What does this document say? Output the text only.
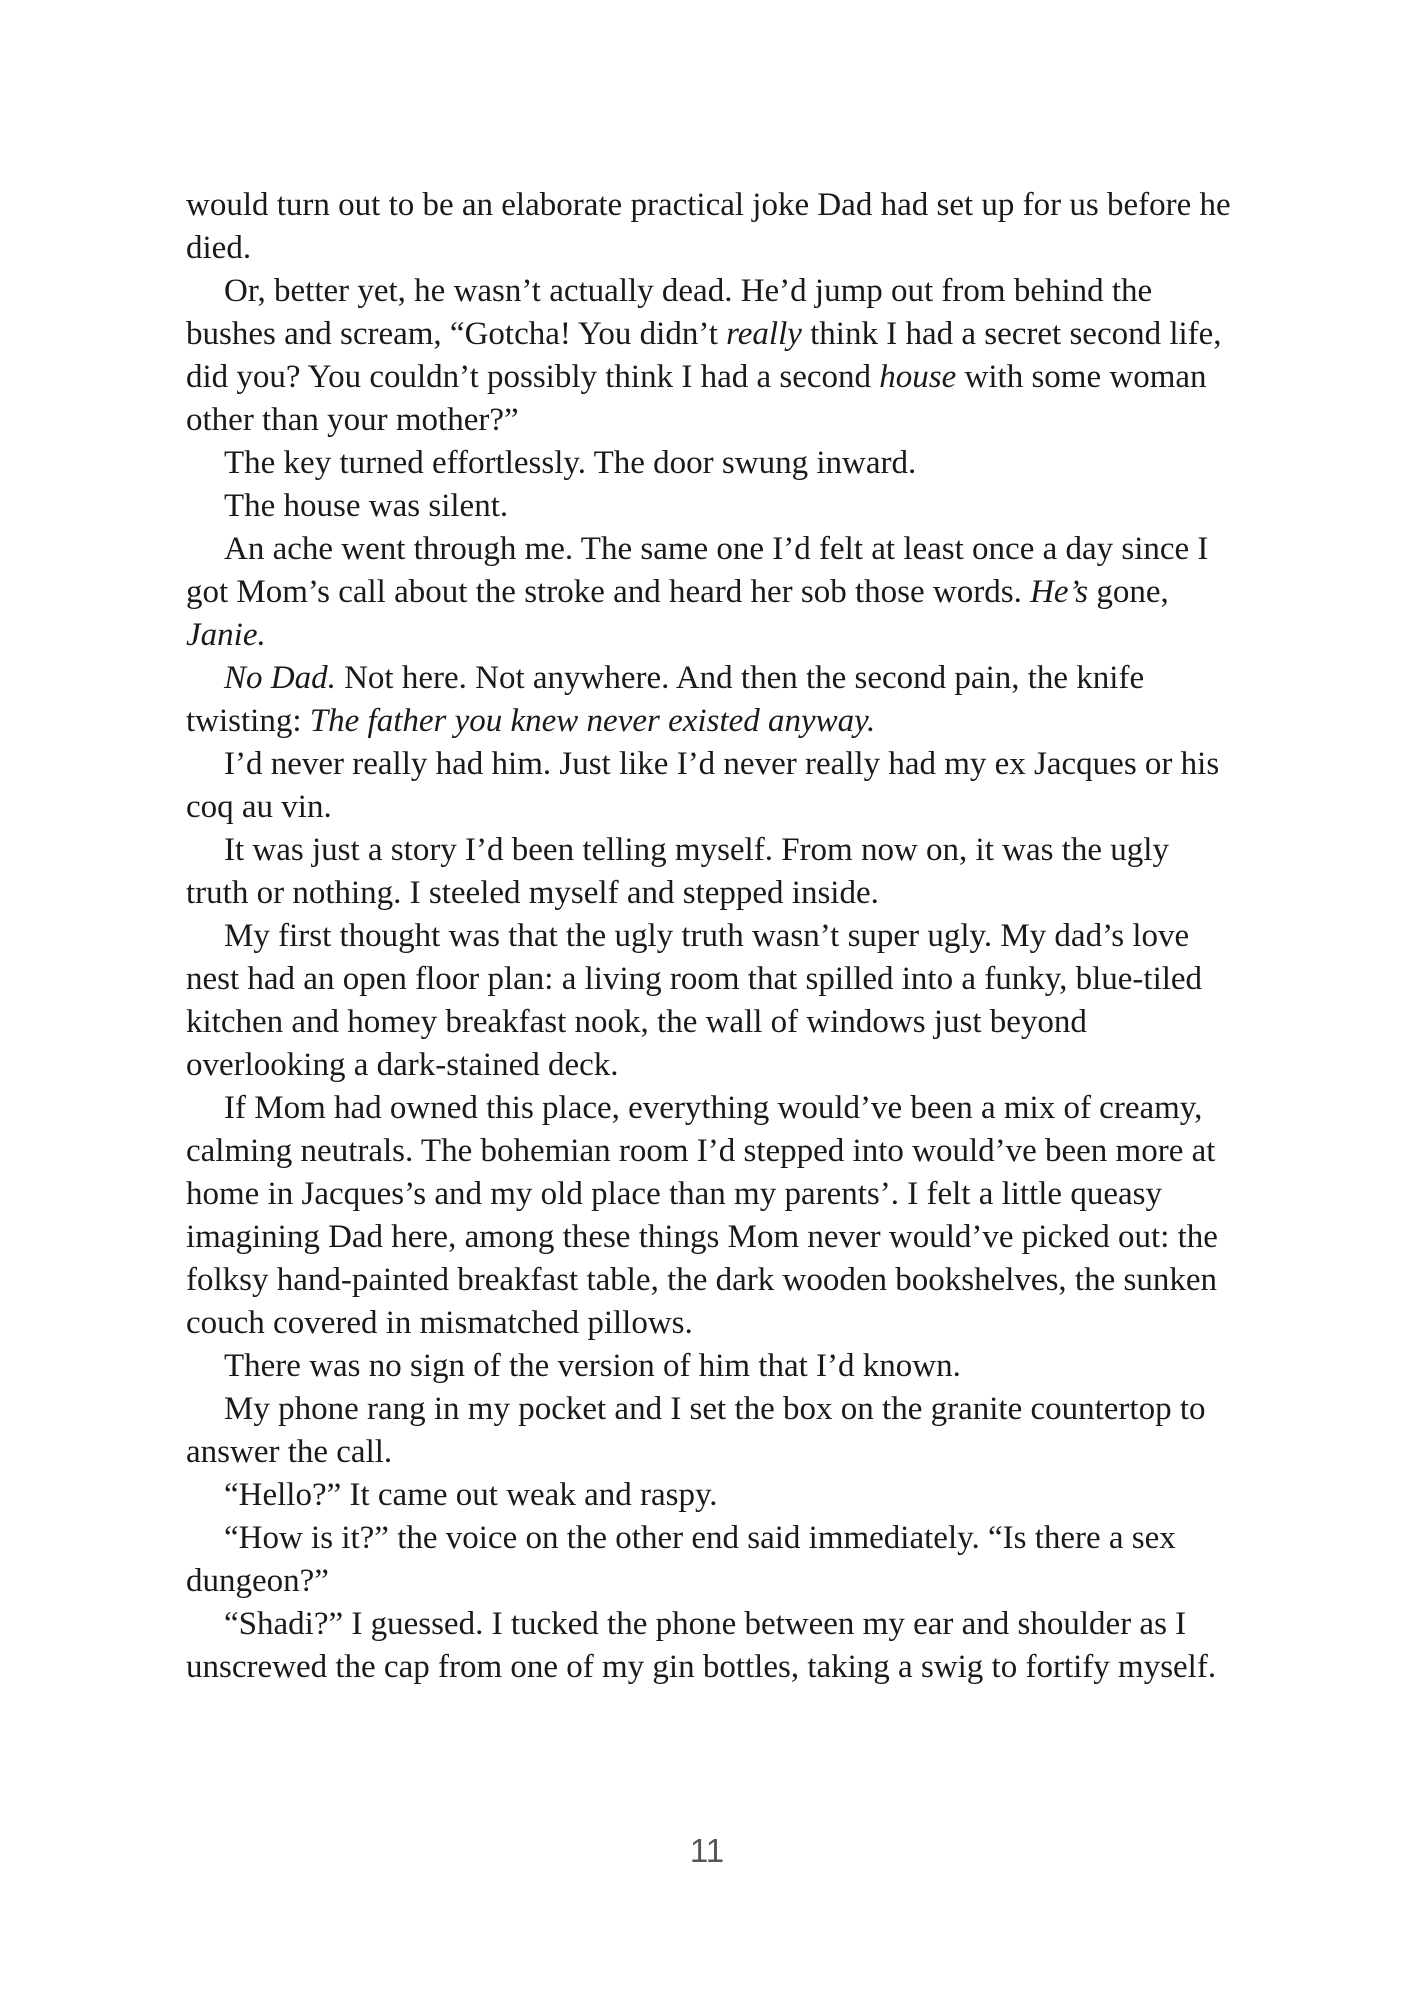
would turn out to be an elaborate practical joke Dad had set up for us before he died.

Or, better yet, he wasn’t actually dead. He’d jump out from behind the bushes and scream, “Gotcha! You didn’t really think I had a secret second life, did you? You couldn’t possibly think I had a second house with some woman other than your mother?”

The key turned effortlessly. The door swung inward.

The house was silent.

An ache went through me. The same one I’d felt at least once a day since I got Mom’s call about the stroke and heard her sob those words. He’s gone, Janie.

No Dad. Not here. Not anywhere. And then the second pain, the knife twisting: The father you knew never existed anyway.

I’d never really had him. Just like I’d never really had my ex Jacques or his coq au vin.

It was just a story I’d been telling myself. From now on, it was the ugly truth or nothing. I steeled myself and stepped inside.

My first thought was that the ugly truth wasn’t super ugly. My dad’s love nest had an open floor plan: a living room that spilled into a funky, blue-tiled kitchen and homey breakfast nook, the wall of windows just beyond overlooking a dark-stained deck.

If Mom had owned this place, everything would’ve been a mix of creamy, calming neutrals. The bohemian room I’d stepped into would’ve been more at home in Jacques’s and my old place than my parents’. I felt a little queasy imagining Dad here, among these things Mom never would’ve picked out: the folksy hand-painted breakfast table, the dark wooden bookshelves, the sunken couch covered in mismatched pillows.

There was no sign of the version of him that I’d known.

My phone rang in my pocket and I set the box on the granite countertop to answer the call.

“Hello?” It came out weak and raspy.

“How is it?” the voice on the other end said immediately. “Is there a sex dungeon?”

“Shadi?” I guessed. I tucked the phone between my ear and shoulder as I unscrewed the cap from one of my gin bottles, taking a swig to fortify myself.

11
